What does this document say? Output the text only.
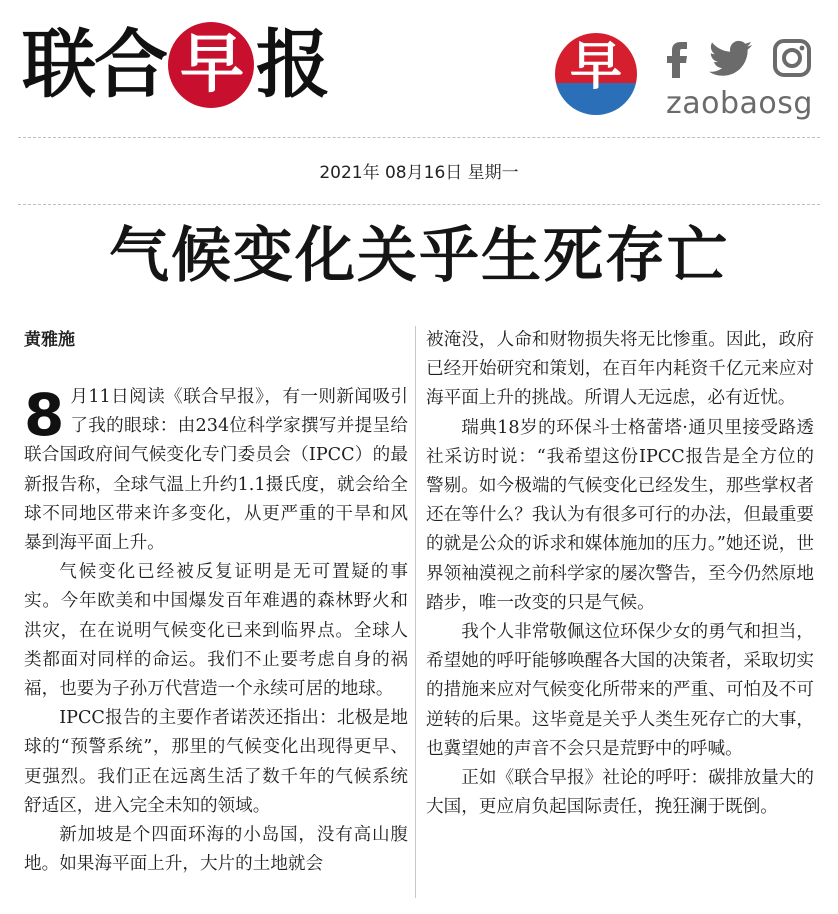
联合 早 报	早
zaobaosg
2021年 08月16日 星期一
气候变化关乎生死存亡
黄雅施

8 月11日阅读《联合早报》，有一则新闻吸引了我的眼球：由234位科学家撰写并提呈给联合国政府间气候变化专门委员会（IPCC）的最新报告称，全球气温上升约1.1摄氏度，就会给全球不同地区带来许多变化，从更严重的干旱和风暴到海平面上升。

气候变化已经被反复证明是无可置疑的事实。今年欧美和中国爆发百年难遇的森林野火和洪灾，在在说明气候变化已来到临界点。全球人类都面对同样的命运。我们不止要考虑自身的祸福，也要为子孙万代营造一个永续可居的地球。

IPCC报告的主要作者诺茨还指出：北极是地球的“预警系统”，那里的气候变化出现得更早、更强烈。我们正在远离生活了数千年的气候系统舒适区，进入完全未知的领域。

新加坡是个四面环海的小岛国，没有高山腹地。如果海平面上升，大片的土地就会

被淹没，人命和财物损失将无比惨重。因此，政府已经开始研究和策划，在百年内耗资千亿元来应对海平面上升的挑战。所谓人无远虑，必有近忧。

瑞典18岁的环保斗士格蕾塔·通贝里接受路透社采访时说：“我希望这份IPCC报告是全方位的警剔。如今极端的气候变化已经发生，那些掌权者还在等什么？我认为有很多可行的办法，但最重要的就是公众的诉求和媒体施加的压力。”她还说，世界领袖漠视之前科学家的屡次警告，至今仍然原地踏步，唯一改变的只是气候。

我个人非常敬佩这位环保少女的勇气和担当，希望她的呼吁能够唤醒各大国的决策者，采取切实的措施来应对气候变化所带来的严重、可怕及不可逆转的后果。这毕竟是关乎人类生死存亡的大事，也冀望她的声音不会只是荒野中的呼喊。

正如《联合早报》社论的呼吁：碳排放量大的大国，更应肩负起国际责任，挽狂澜于既倒。
